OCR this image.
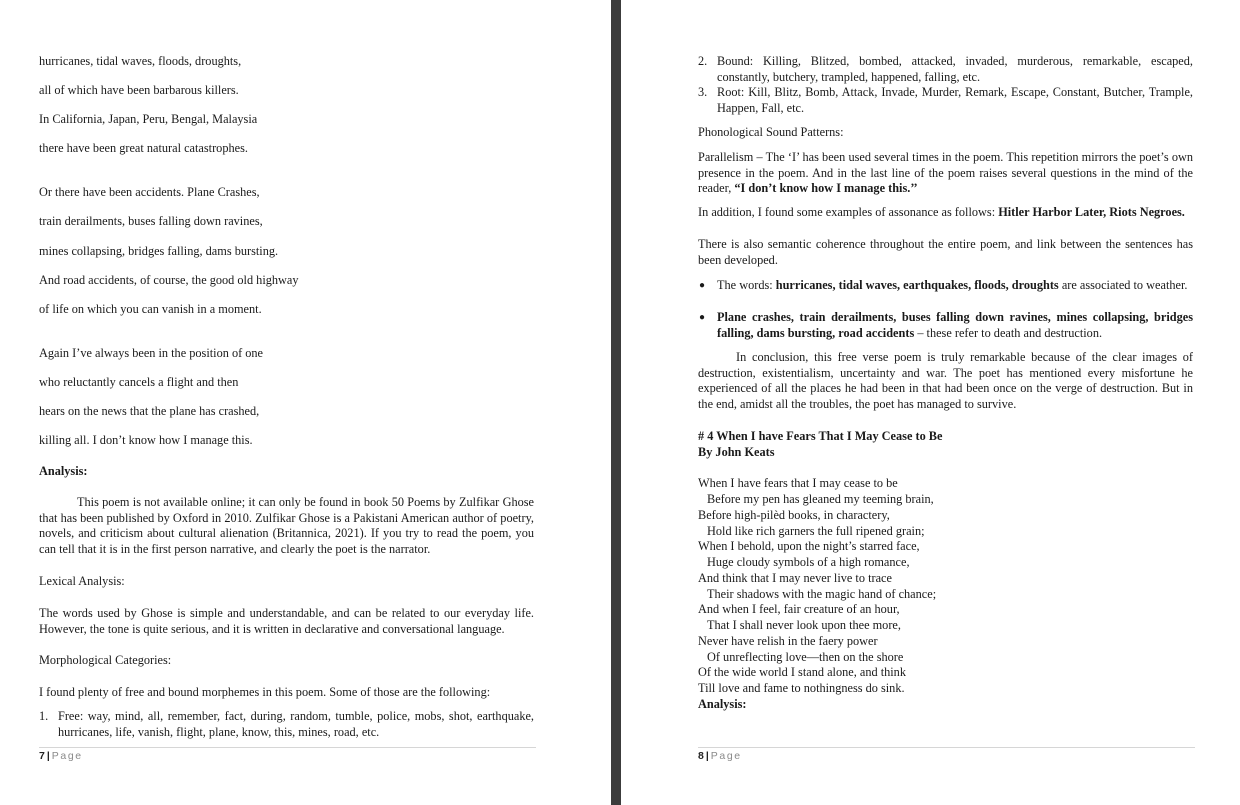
hurricanes, tidal waves, floods, droughts,
all of which have been barbarous killers.
In California, Japan, Peru, Bengal, Malaysia
there have been great natural catastrophes.
Or there have been accidents. Plane Crashes,
train derailments, buses falling down ravines,
mines collapsing, bridges falling, dams bursting.
And road accidents, of course, the good old highway
of life on which you can vanish in a moment.
Again I’ve always been in the position of one
who reluctantly cancels a flight and then
hears on the news that the plane has crashed,
killing all. I don’t know how I manage this.
Analysis:
This poem is not available online; it can only be found in book 50 Poems by Zulfikar Ghose that has been published by Oxford in 2010. Zulfikar Ghose is a Pakistani American author of poetry, novels, and criticism about cultural alienation (Britannica, 2021). If you try to read the poem, you can tell that it is in the first person narrative, and clearly the poet is the narrator.
Lexical Analysis:
The words used by Ghose is simple and understandable, and can be related to our everyday life. However, the tone is quite serious, and it is written in declarative and conversational language.
Morphological Categories:
I found plenty of free and bound morphemes in this poem. Some of those are the following:
1. Free: way, mind, all, remember, fact, during, random, tumble, police, mobs, shot, earthquake, hurricanes, life, vanish, flight, plane, know, this, mines, road, etc.
7 | Page
2. Bound: Killing, Blitzed, bombed, attacked, invaded, murderous, remarkable, escaped, constantly, butchery, trampled, happened, falling, etc.
3. Root: Kill, Blitz, Bomb, Attack, Invade, Murder, Remark, Escape, Constant, Butcher, Trample, Happen, Fall, etc.
Phonological Sound Patterns:
Parallelism – The ‘I’ has been used several times in the poem. This repetition mirrors the poet’s own presence in the poem. And in the last line of the poem raises several questions in the mind of the reader, “I don’t know how I manage this.’’
In addition, I found some examples of assonance as follows: Hitler Harbor Later, Riots Negroes.
There is also semantic coherence throughout the entire poem, and link between the sentences has been developed.
● The words: hurricanes, tidal waves, earthquakes, floods, droughts are associated to weather.
● Plane crashes, train derailments, buses falling down ravines, mines collapsing, bridges falling, dams bursting, road accidents – these refer to death and destruction.
In conclusion, this free verse poem is truly remarkable because of the clear images of destruction, existentialism, uncertainty and war. The poet has mentioned every misfortune he experienced of all the places he had been in that had been once on the verge of destruction. But in the end, amidst all the troubles, the poet has managed to survive.
# 4 When I have Fears That I May Cease to Be
By John Keats
When I have fears that I may cease to be
Before my pen has gleaned my teeming brain,
Before high-pilèd books, in charactery,
Hold like rich garners the full ripened grain;
When I behold, upon the night’s starred face,
Huge cloudy symbols of a high romance,
And think that I may never live to trace
Their shadows with the magic hand of chance;
And when I feel, fair creature of an hour,
That I shall never look upon thee more,
Never have relish in the faery power
Of unreflecting love—then on the shore
Of the wide world I stand alone, and think
Till love and fame to nothingness do sink.
Analysis:
8 | Page
